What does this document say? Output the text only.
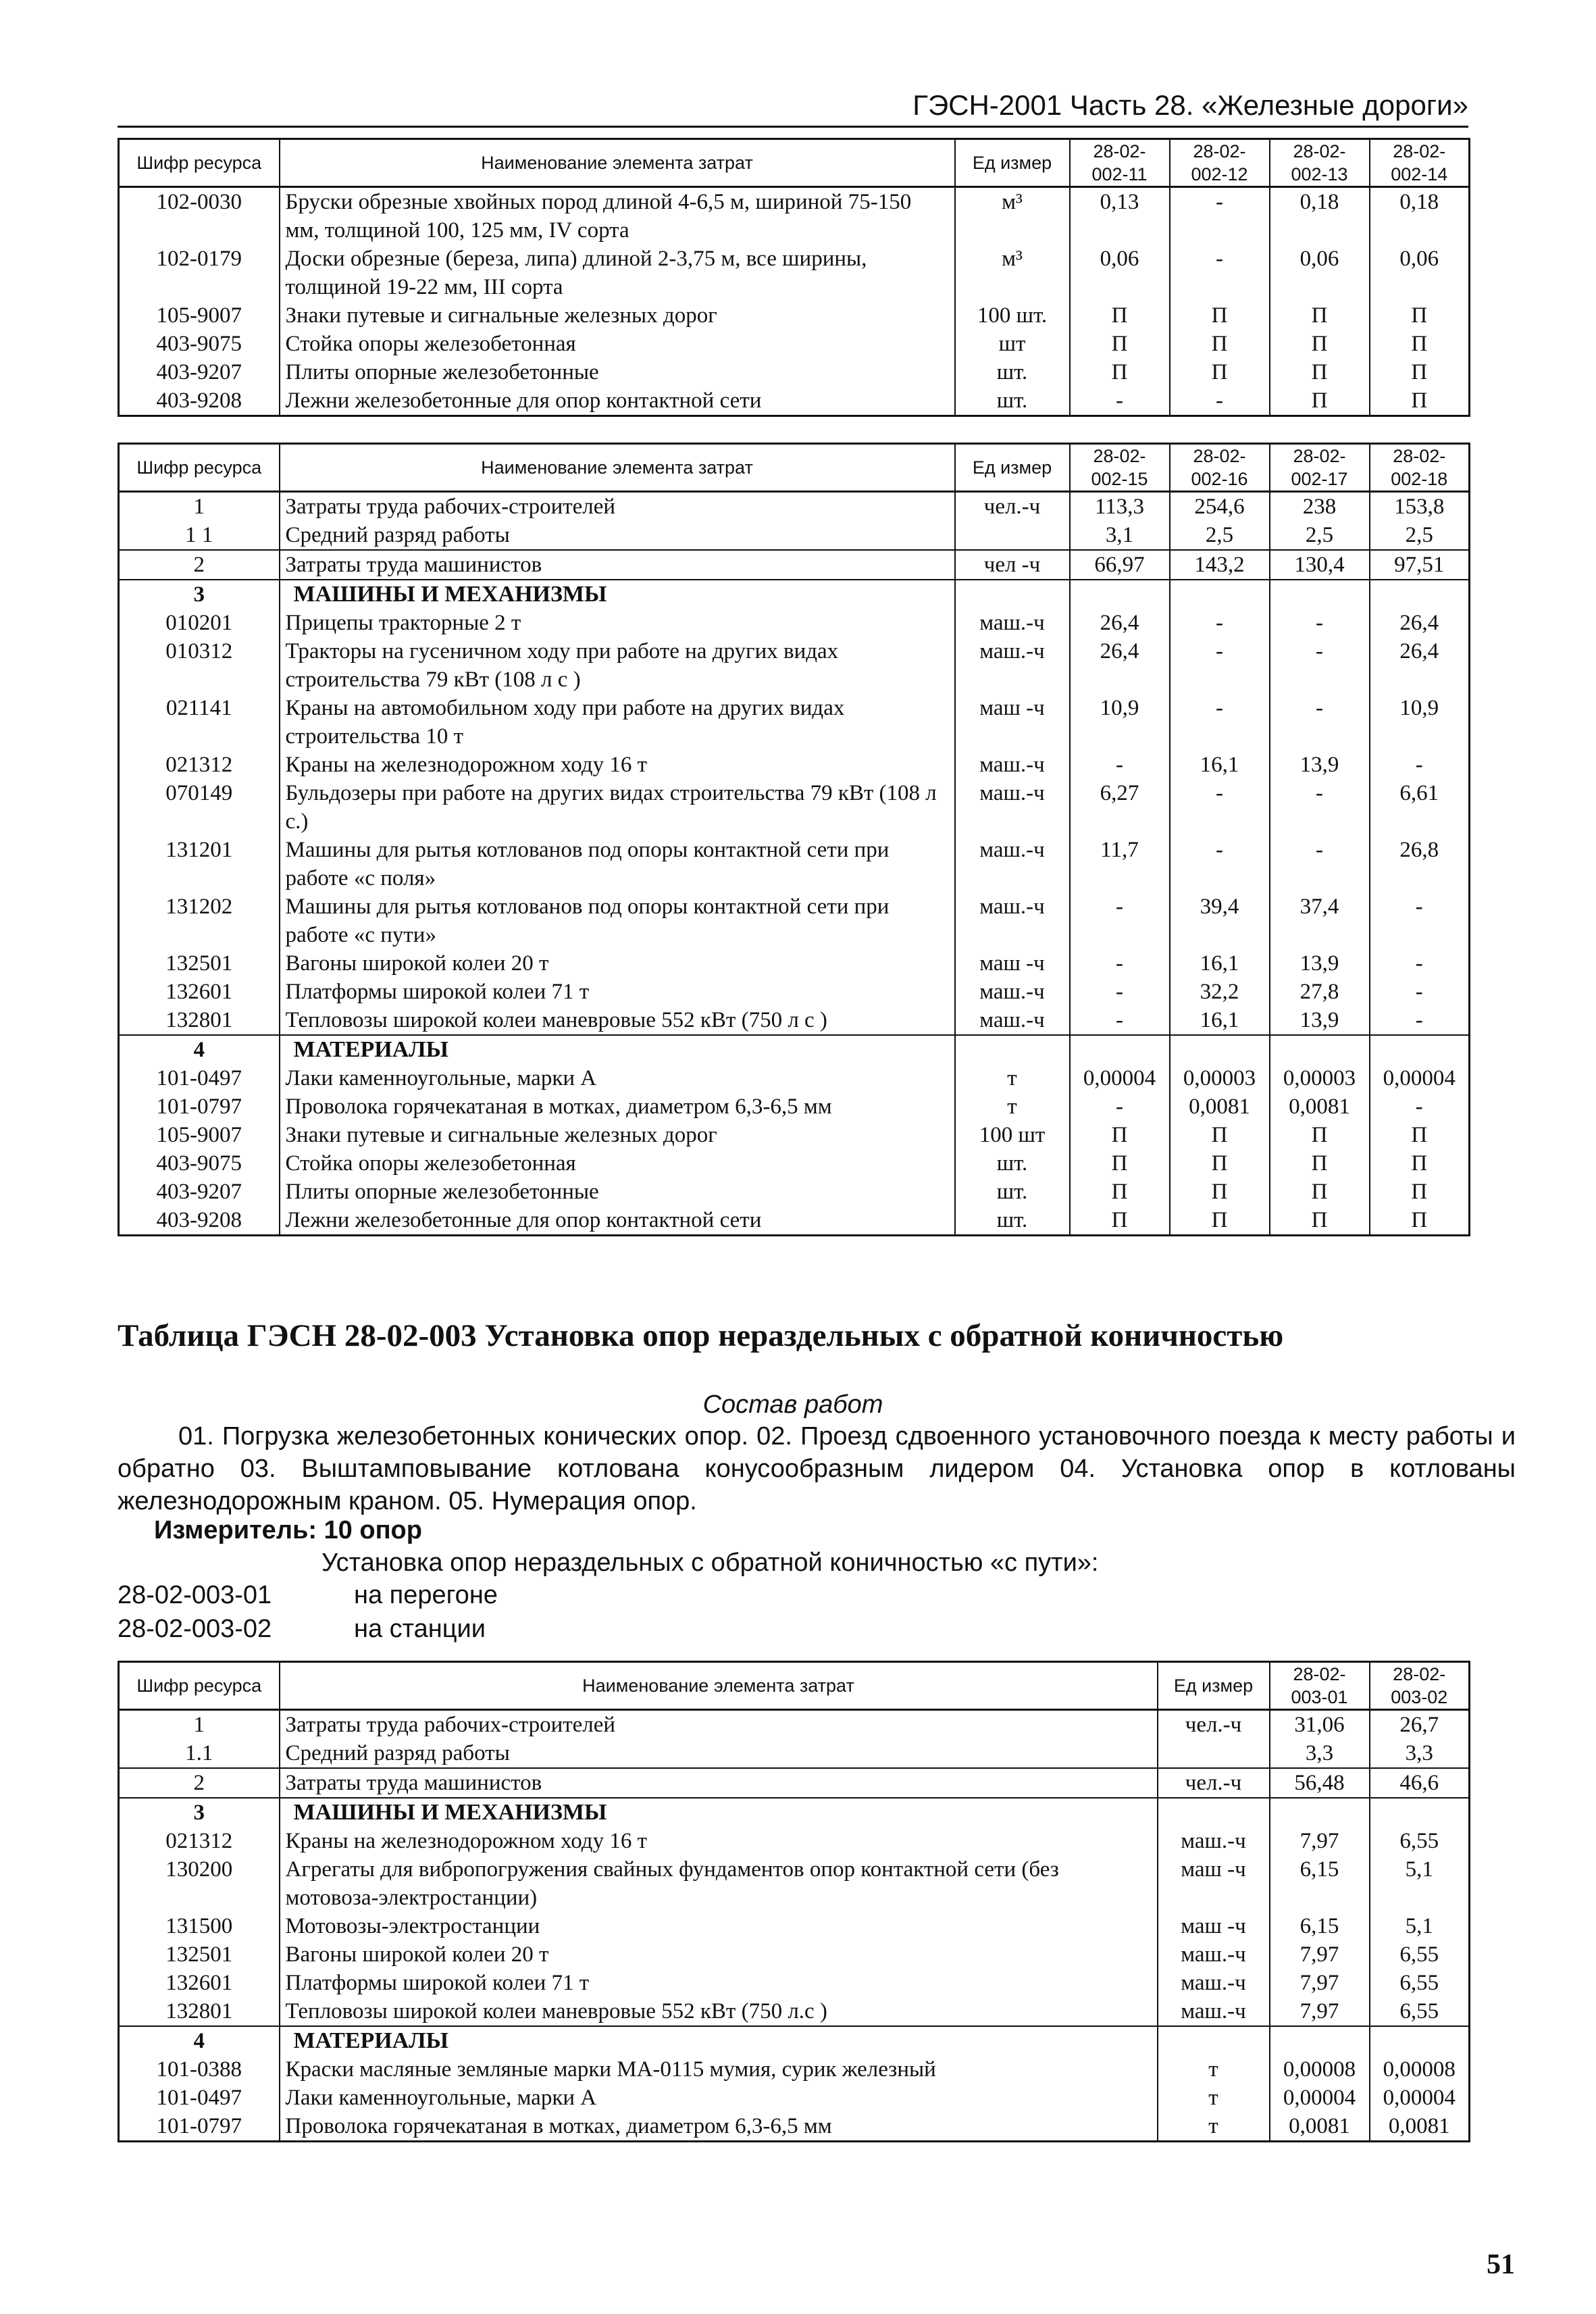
ГЭСН-2001 Часть 28. «Железные дороги»
Шифр ресурса	Наименование элемента затрат	Ед измер	28-02-002-11	28-02-002-12	28-02-002-13	28-02-002-14
102-0030	Бруски обрезные хвойных пород длиной 4-6,5 м, шириной 75-150 мм, толщиной 100, 125 мм, IV сорта	м³	0,13	-	0,18	0,18
102-0179	Доски обрезные (береза, липа) длиной 2-3,75 м, все ширины, толщиной 19-22 мм, III сорта	м³	0,06	-	0,06	0,06
105-9007	Знаки путевые и сигнальные железных дорог	100 шт.	П	П	П	П
403-9075	Стойка опоры железобетонная	шт	П	П	П	П
403-9207	Плиты опорные железобетонные	шт.	П	П	П	П
403-9208	Лежни железобетонные для опор контактной сети	шт.	-	-	П	П
Шифр ресурса	Наименование элемента затрат	Ед измер	28-02-002-15	28-02-002-16	28-02-002-17	28-02-002-18
1	Затраты труда рабочих-строителей	чел.-ч	113,3	254,6	238	153,8
1 1	Средний разряд работы		3,1	2,5	2,5	2,5
2	Затраты труда машинистов	чел -ч	66,97	143,2	130,4	97,51
3	МАШИНЫ И МЕХАНИЗМЫ					
010201	Прицепы тракторные 2 т	маш.-ч	26,4	-	-	26,4
010312	Тракторы на гусеничном ходу при работе на других видах строительства 79 кВт (108 л с )	маш.-ч	26,4	-	-	26,4
021141	Краны на автомобильном ходу при работе на других видах строительства 10 т	маш -ч	10,9	-	-	10,9
021312	Краны на железнодорожном ходу 16 т	маш.-ч	-	16,1	13,9	-
070149	Бульдозеры при работе на других видах строительства 79 кВт (108 л с.)	маш.-ч	6,27	-	-	6,61
131201	Машины для рытья котлованов под опоры контактной сети при работе «с поля»	маш.-ч	11,7	-	-	26,8
131202	Машины для рытья котлованов под опоры контактной сети при работе «с пути»	маш.-ч	-	39,4	37,4	-
132501	Вагоны широкой колеи 20 т	маш -ч	-	16,1	13,9	-
132601	Платформы широкой колеи 71 т	маш.-ч	-	32,2	27,8	-
132801	Тепловозы широкой колеи маневровые 552 кВт (750 л с )	маш.-ч	-	16,1	13,9	-
4	МАТЕРИАЛЫ					
101-0497	Лаки каменноугольные, марки А	т	0,00004	0,00003	0,00003	0,00004
101-0797	Проволока горячекатаная в мотках, диаметром 6,3-6,5 мм	т	-	0,0081	0,0081	-
105-9007	Знаки путевые и сигнальные железных дорог	100 шт	П	П	П	П
403-9075	Стойка опоры железобетонная	шт.	П	П	П	П
403-9207	Плиты опорные железобетонные	шт.	П	П	П	П
403-9208	Лежни железобетонные для опор контактной сети	шт.	П	П	П	П
Таблица ГЭСН 28-02-003 Установка опор нераздельных с обратной коничностью
Состав работ
01. Погрузка железобетонных конических опор. 02. Проезд сдвоенного установочного поезда к месту работы и обратно 03. Выштамповывание котлована конусообразным лидером 04. Установка опор в котлованы железнодорожным краном. 05. Нумерация опор.
Измеритель: 10 опор
Установка опор нераздельных с обратной коничностью «с пути»:
28-02-003-01	на перегоне
28-02-003-02	на станции
Шифр ресурса	Наименование элемента затрат	Ед измер	28-02-003-01	28-02-003-02
1	Затраты труда рабочих-строителей	чел.-ч	31,06	26,7
1.1	Средний разряд работы		3,3	3,3
2	Затраты труда машинистов	чел.-ч	56,48	46,6
3	МАШИНЫ И МЕХАНИЗМЫ			
021312	Краны на железнодорожном ходу 16 т	маш.-ч	7,97	6,55
130200	Агрегаты для вибропогружения свайных фундаментов опор контактной сети (без мотовоза-электростанции)	маш -ч	6,15	5,1
131500	Мотовозы-электростанции	маш -ч	6,15	5,1
132501	Вагоны широкой колеи 20 т	маш.-ч	7,97	6,55
132601	Платформы широкой колеи 71 т	маш.-ч	7,97	6,55
132801	Тепловозы широкой колеи маневровые 552 кВт (750 л.с )	маш.-ч	7,97	6,55
4	МАТЕРИАЛЫ			
101-0388	Краски масляные земляные марки МА-0115 мумия, сурик железный	т	0,00008	0,00008
101-0497	Лаки каменноугольные, марки А	т	0,00004	0,00004
101-0797	Проволока горячекатаная в мотках, диаметром 6,3-6,5 мм	т	0,0081	0,0081
51
